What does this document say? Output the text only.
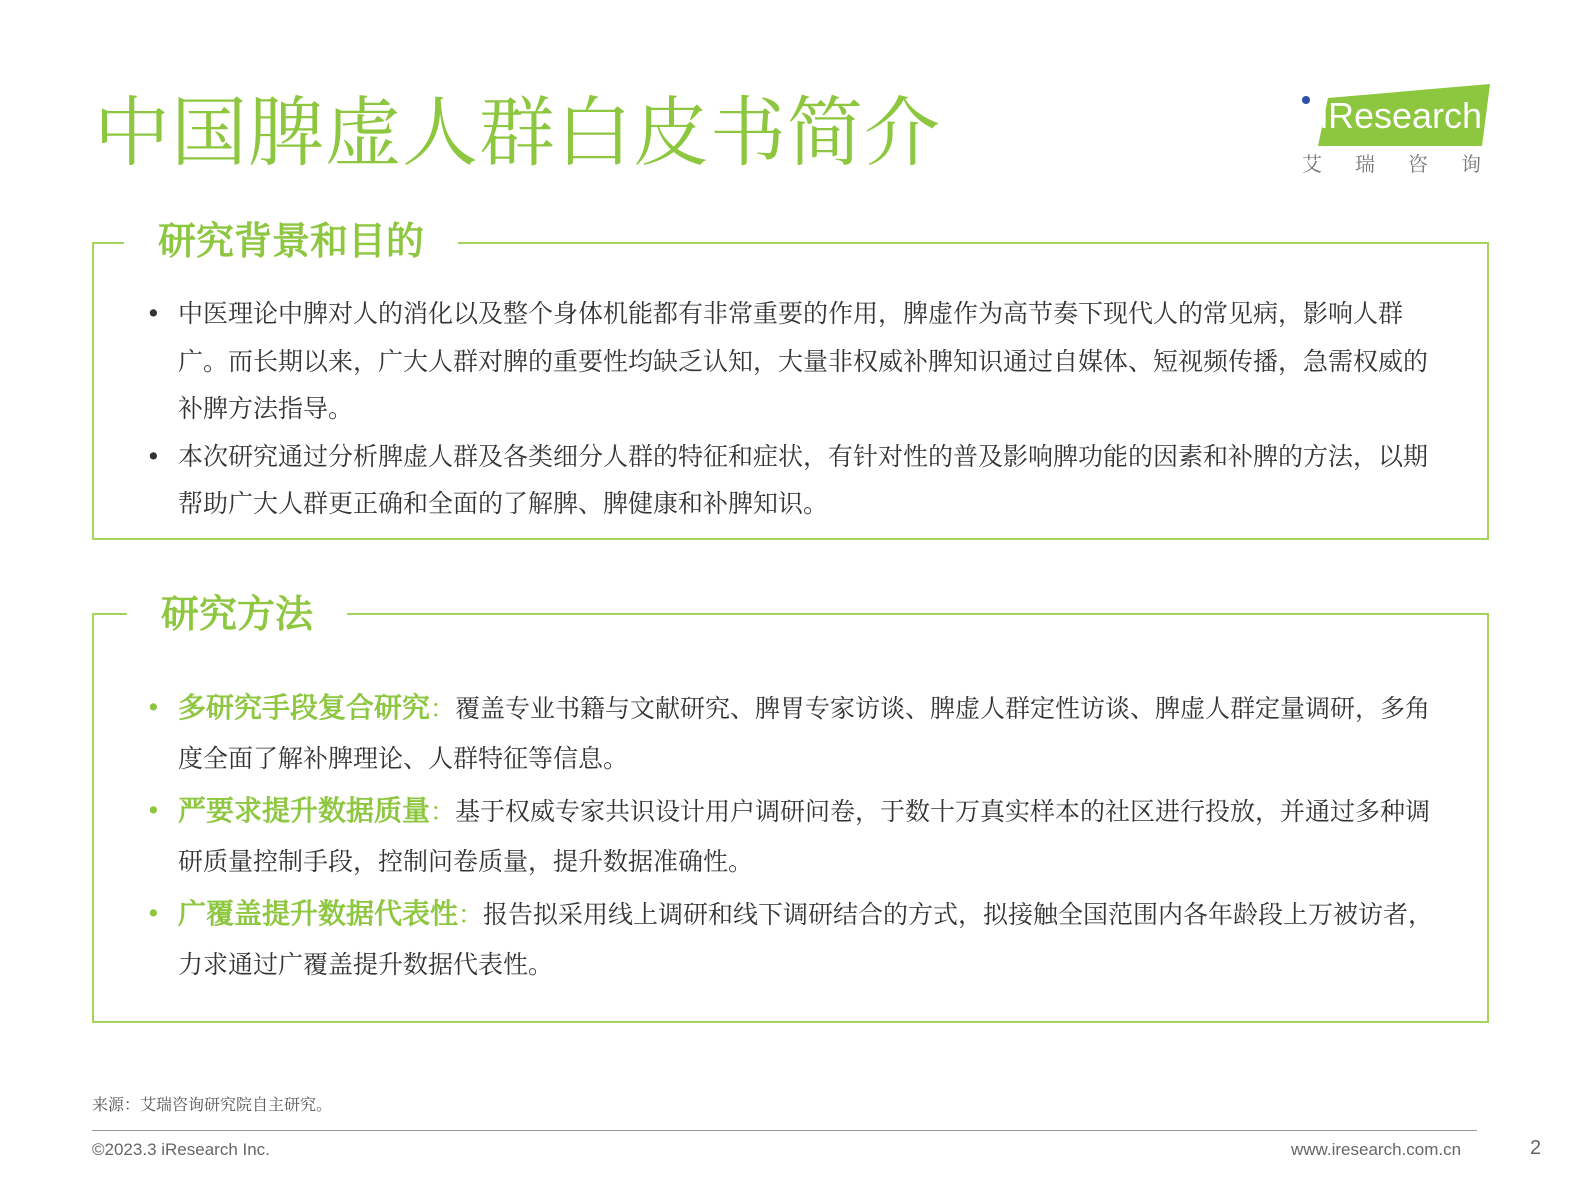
中国脾虚人群白皮书简介	iResearch
艾瑞咨询
研究背景和目的
• 中医理论中脾对人的消化以及整个身体机能都有非常重要的作用，脾虚作为高节奏下现代人的常见病，影响人群广。而长期以来，广大人群对脾的重要性均缺乏认知，大量非权威补脾知识通过自媒体、短视频传播，急需权威的补脾方法指导。
• 本次研究通过分析脾虚人群及各类细分人群的特征和症状，有针对性的普及影响脾功能的因素和补脾的方法，以期帮助广大人群更正确和全面的了解脾、脾健康和补脾知识。
研究方法
• 多研究手段复合研究：覆盖专业书籍与文献研究、脾胃专家访谈、脾虚人群定性访谈、脾虚人群定量调研，多角度全面了解补脾理论、人群特征等信息。
• 严要求提升数据质量：基于权威专家共识设计用户调研问卷，于数十万真实样本的社区进行投放，并通过多种调研质量控制手段，控制问卷质量，提升数据准确性。
• 广覆盖提升数据代表性：报告拟采用线上调研和线下调研结合的方式，拟接触全国范围内各年龄段上万被访者，力求通过广覆盖提升数据代表性。
来源：艾瑞咨询研究院自主研究。
©2023.3 iResearch Inc.	www.iresearch.com.cn	2
